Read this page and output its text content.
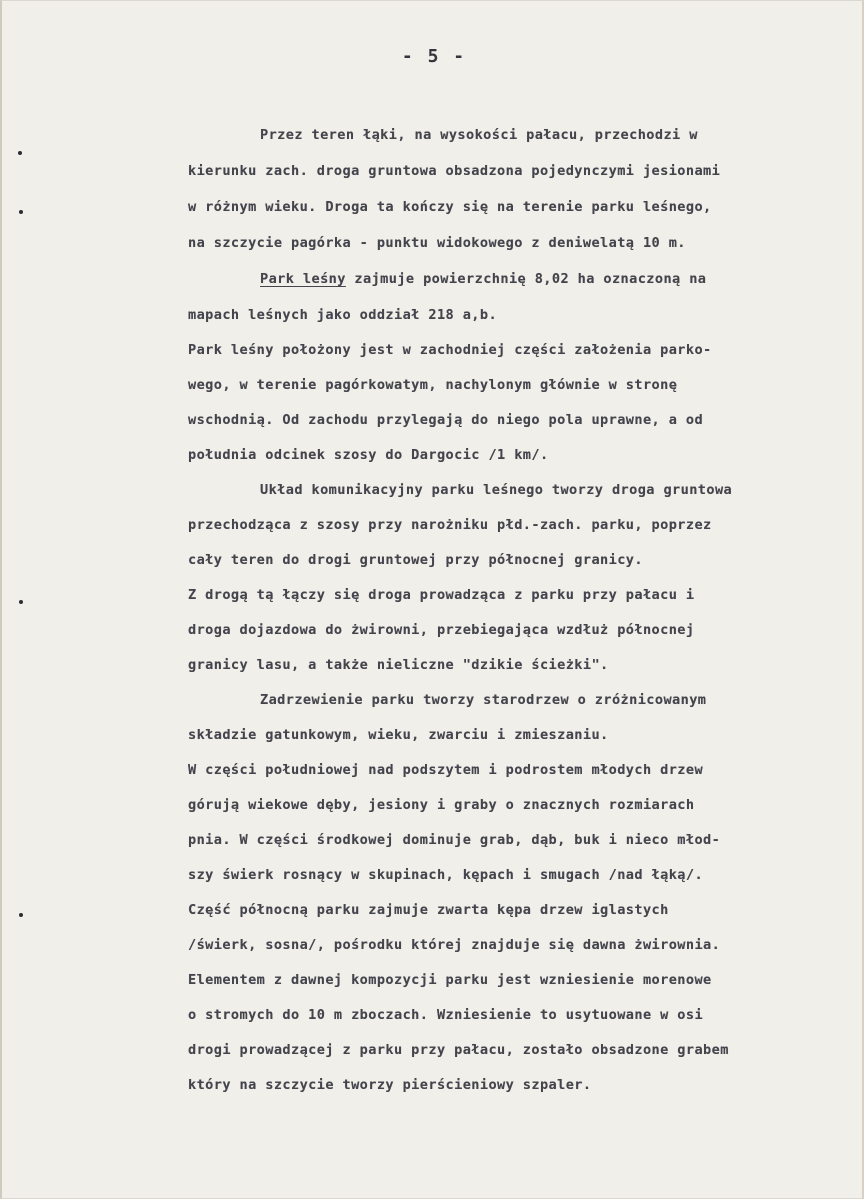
- 5 -
Przez teren łąki, na wysokości pałacu, przechodzi w
kierunku zach. droga gruntowa obsadzona pojedynczymi jesionami
w różnym wieku. Droga ta kończy się na terenie parku leśnego,
na szczycie pagórka - punktu widokowego z deniwelatą 10 m.
Park leśny zajmuje powierzchnię 8,02 ha oznaczoną na
mapach leśnych jako oddział 218 a,b.
Park leśny położony jest w zachodniej części założenia parko-
wego, w terenie pagórkowatym, nachylonym głównie w stronę
wschodnią. Od zachodu przylegają do niego pola uprawne, a od
południa odcinek szosy do Dargocic /1 km/.
Układ komunikacyjny parku leśnego tworzy droga gruntowa
przechodząca z szosy przy narożniku płd.-zach. parku, poprzez
cały teren do drogi gruntowej przy północnej granicy.
Z drogą tą łączy się droga prowadząca z parku przy pałacu i
droga dojazdowa do żwirowni, przebiegająca wzdłuż północnej
granicy lasu, a także nieliczne "dzikie ścieżki".
Zadrzewienie parku tworzy starodrzew o zróżnicowanym
składzie gatunkowym, wieku, zwarciu i zmieszaniu.
W części południowej nad podszytem i podrostem młodych drzew
górują wiekowe dęby, jesiony i graby o znacznych rozmiarach
pnia. W części środkowej dominuje grab, dąb, buk i nieco młod-
szy świerk rosnący w skupinach, kępach i smugach /nad łąką/.
Część północną parku zajmuje zwarta kępa drzew iglastych
/świerk, sosna/, pośrodku której znajduje się dawna żwirownia.
Elementem z dawnej kompozycji parku jest wzniesienie morenowe
o stromych do 10 m zboczach. Wzniesienie to usytuowane w osi
drogi prowadzącej z parku przy pałacu, zostało obsadzone grabem
który na szczycie tworzy pierścieniowy szpaler.
